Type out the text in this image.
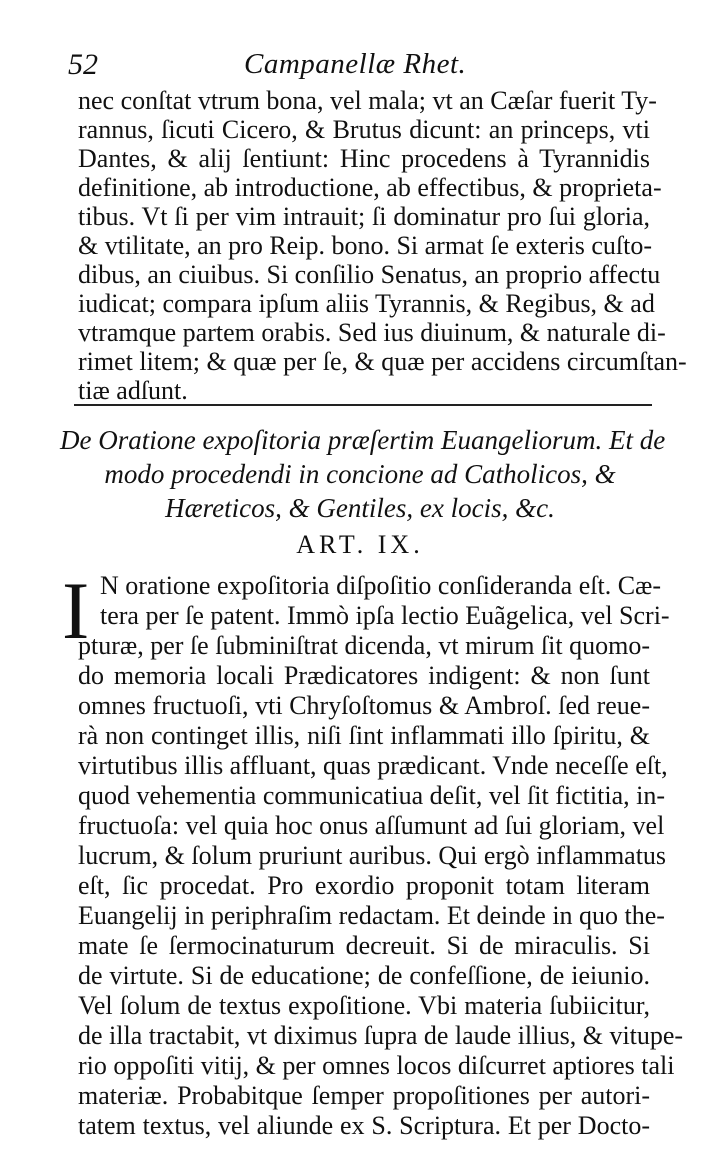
52	Campanellæ Rhet.
nec conſtat vtrum bona, vel mala; vt an Cæſar fuerit Ty-
rannus, ſicuti Cicero, & Brutus dicunt: an princeps, vti
Dantes, & alij ſentiunt: Hinc procedens à Tyrannidis
definitione, ab introductione, ab effectibus, & proprieta-
tibus. Vt ſi per vim intrauit; ſi dominatur pro ſui gloria,
& vtilitate, an pro Reip. bono. Si armat ſe exteris cuſto-
dibus, an ciuibus. Si conſilio Senatus, an proprio affectu
iudicat; compara ipſum aliis Tyrannis, & Regibus, & ad
vtramque partem orabis. Sed ius diuinum, & naturale di-
rimet litem; & quæ per ſe, & quæ per accidens circumſtan-
tiæ adſunt.
De Oratione expoſitoria præſertim Euangeliorum. Et de
modo procedendi in concione ad Catholicos, &
Hæreticos, & Gentiles, ex locis, &c.
ART. IX.
I N oratione expoſitoria diſpoſitio conſideranda eſt. Cæ-
tera per ſe patent. Immò ipſa lectio Euãgelica, vel Scri-
pturæ, per ſe ſubminiſtrat dicenda, vt mirum ſit quomo-
do memoria locali Prædicatores indigent: & non ſunt
omnes fructuoſi, vti Chryſoſtomus & Ambroſ. ſed reue-
rà non continget illis, niſi ſint inflammati illo ſpiritu, &
virtutibus illis affluant, quas prædicant. Vnde neceſſe eſt,
quod vehementia communicatiua deſit, vel ſit fictitia, in-
fructuoſa: vel quia hoc onus aſſumunt ad ſui gloriam, vel
lucrum, & ſolum pruriunt auribus. Qui ergò inflammatus
eſt, ſic procedat. Pro exordio proponit totam literam
Euangelij in periphraſim redactam. Et deinde in quo the-
mate ſe ſermocinaturum decreuit. Si de miraculis. Si
de virtute. Si de educatione; de confeſſione, de ieiunio.
Vel ſolum de textus expoſitione. Vbi materia ſubiicitur,
de illa tractabit, vt diximus ſupra de laude illius, & vitupe-
rio oppoſiti vitij, & per omnes locos diſcurret aptiores tali
materiæ. Probabitque ſemper propoſitiones per autori-
tatem textus, vel aliunde ex S. Scriptura. Et per Docto-
